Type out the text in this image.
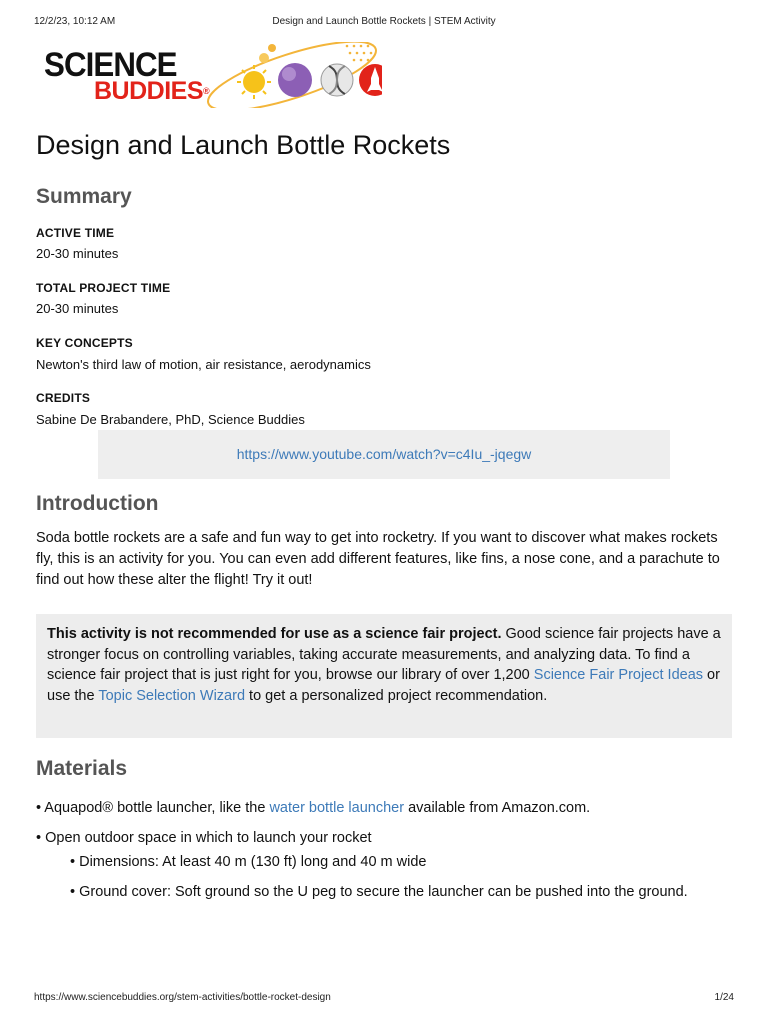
12/2/23, 10:12 AM	Design and Launch Bottle Rockets | STEM Activity
SCIENCE
BUDDIES®
Design and Launch Bottle Rockets
Summary
ACTIVE TIME
20-30 minutes
TOTAL PROJECT TIME
20-30 minutes
KEY CONCEPTS
Newton's third law of motion, air resistance, aerodynamics
CREDITS
Sabine De Brabandere, PhD, Science Buddies
https://www.youtube.com/watch?v=c4Iu_-jqegw
Introduction

Soda bottle rockets are a safe and fun way to get into rocketry. If you want to discover what makes rockets fly, this is an activity for you. You can even add different features, like fins, a nose cone, and a parachute to find out how these alter the flight! Try it out!

This activity is not recommended for use as a science fair project. Good science fair projects have a stronger focus on controlling variables, taking accurate measurements, and analyzing data. To find a science fair project that is just right for you, browse our library of over 1,200 Science Fair Project Ideas or use the Topic Selection Wizard to get a personalized project recommendation.

Materials

• Aquapod® bottle launcher, like the water bottle launcher available from Amazon.com.

• Open outdoor space in which to launch your rocket

• Dimensions: At least 40 m (130 ft) long and 40 m wide

• Ground cover: Soft ground so the U peg to secure the launcher can be pushed into the ground.

https://www.sciencebuddies.org/stem-activities/bottle-rocket-design	1/24
